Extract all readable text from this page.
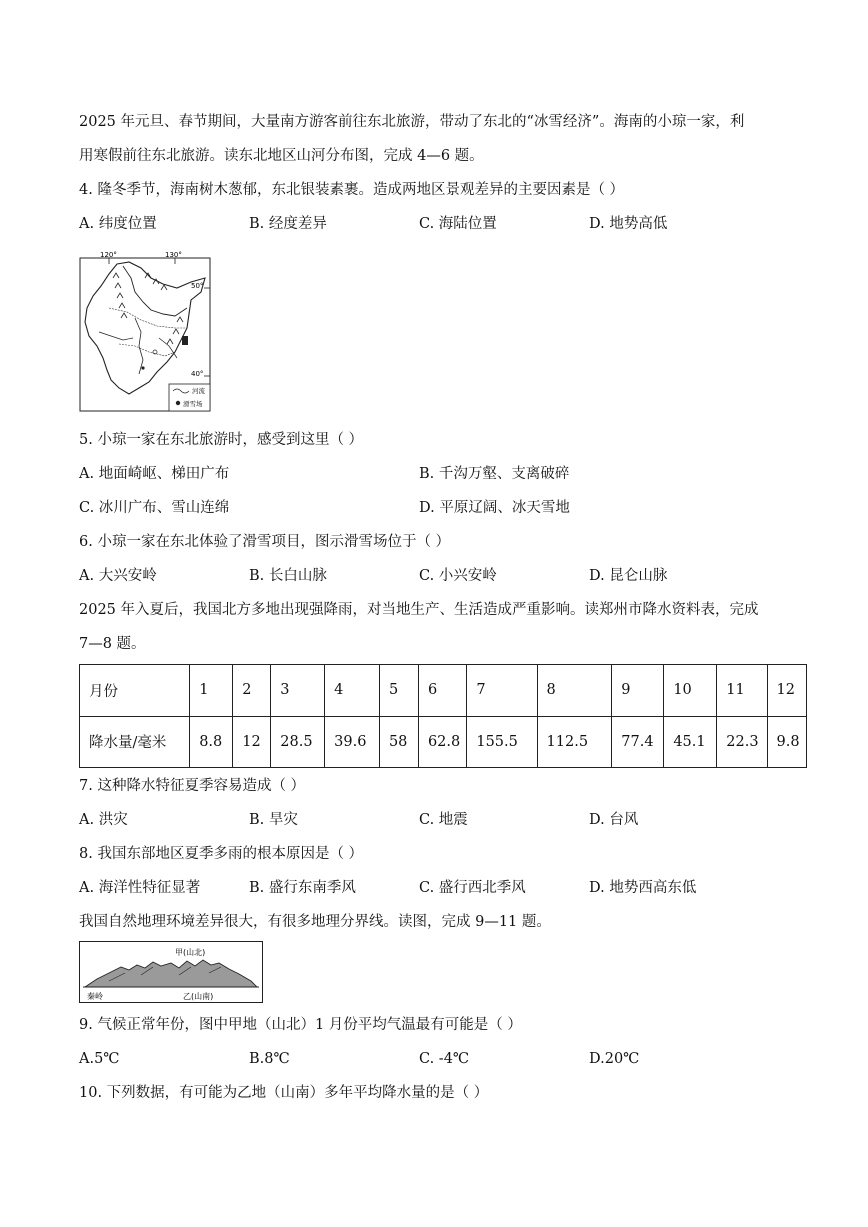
2025 年元旦、春节期间，大量南方游客前往东北旅游，带动了东北的“冰雪经济”。海南的小琼一家，利
用寒假前往东北旅游。读东北地区山河分布图，完成 4—6 题。
4. 隆冬季节，海南树木葱郁，东北银装素裹。造成两地区景观差异的主要因素是（ ）
A. 纬度位置	B. 经度差异	C. 海陆位置	D. 地势高低
120°	130°
50°
40°
河流
滑雪场
5. 小琼一家在东北旅游时，感受到这里（ ）
A. 地面崎岖、梯田广布	B. 千沟万壑、支离破碎
C. 冰川广布、雪山连绵	D. 平原辽阔、冰天雪地
6. 小琼一家在东北体验了滑雪项目，图示滑雪场位于（ ）
A. 大兴安岭	B. 长白山脉	C. 小兴安岭	D. 昆仑山脉
2025 年入夏后，我国北方多地出现强降雨，对当地生产、生活造成严重影响。读郑州市降水资料表，完成
7—8 题。
月份	1	2	3	4	5	6	7	8	9	10	11	12
降水量/毫米	8.8	12	28.5	39.6	58	62.8	155.5	112.5	77.4	45.1	22.3	9.8
7. 这种降水特征夏季容易造成（ ）
A. 洪灾	B. 旱灾	C. 地震	D. 台风
8. 我国东部地区夏季多雨的根本原因是（ ）
A. 海洋性特征显著	B. 盛行东南季风	C. 盛行西北季风	D. 地势西高东低
我国自然地理环境差异很大，有很多地理分界线。读图，完成 9—11 题。
甲(山北)
秦岭	乙(山南)
9. 气候正常年份，图中甲地（山北）1 月份平均气温最有可能是（ ）
A.5℃	B.8℃	C. -4℃	D.20℃
10. 下列数据，有可能为乙地（山南）多年平均降水量的是（ ）
